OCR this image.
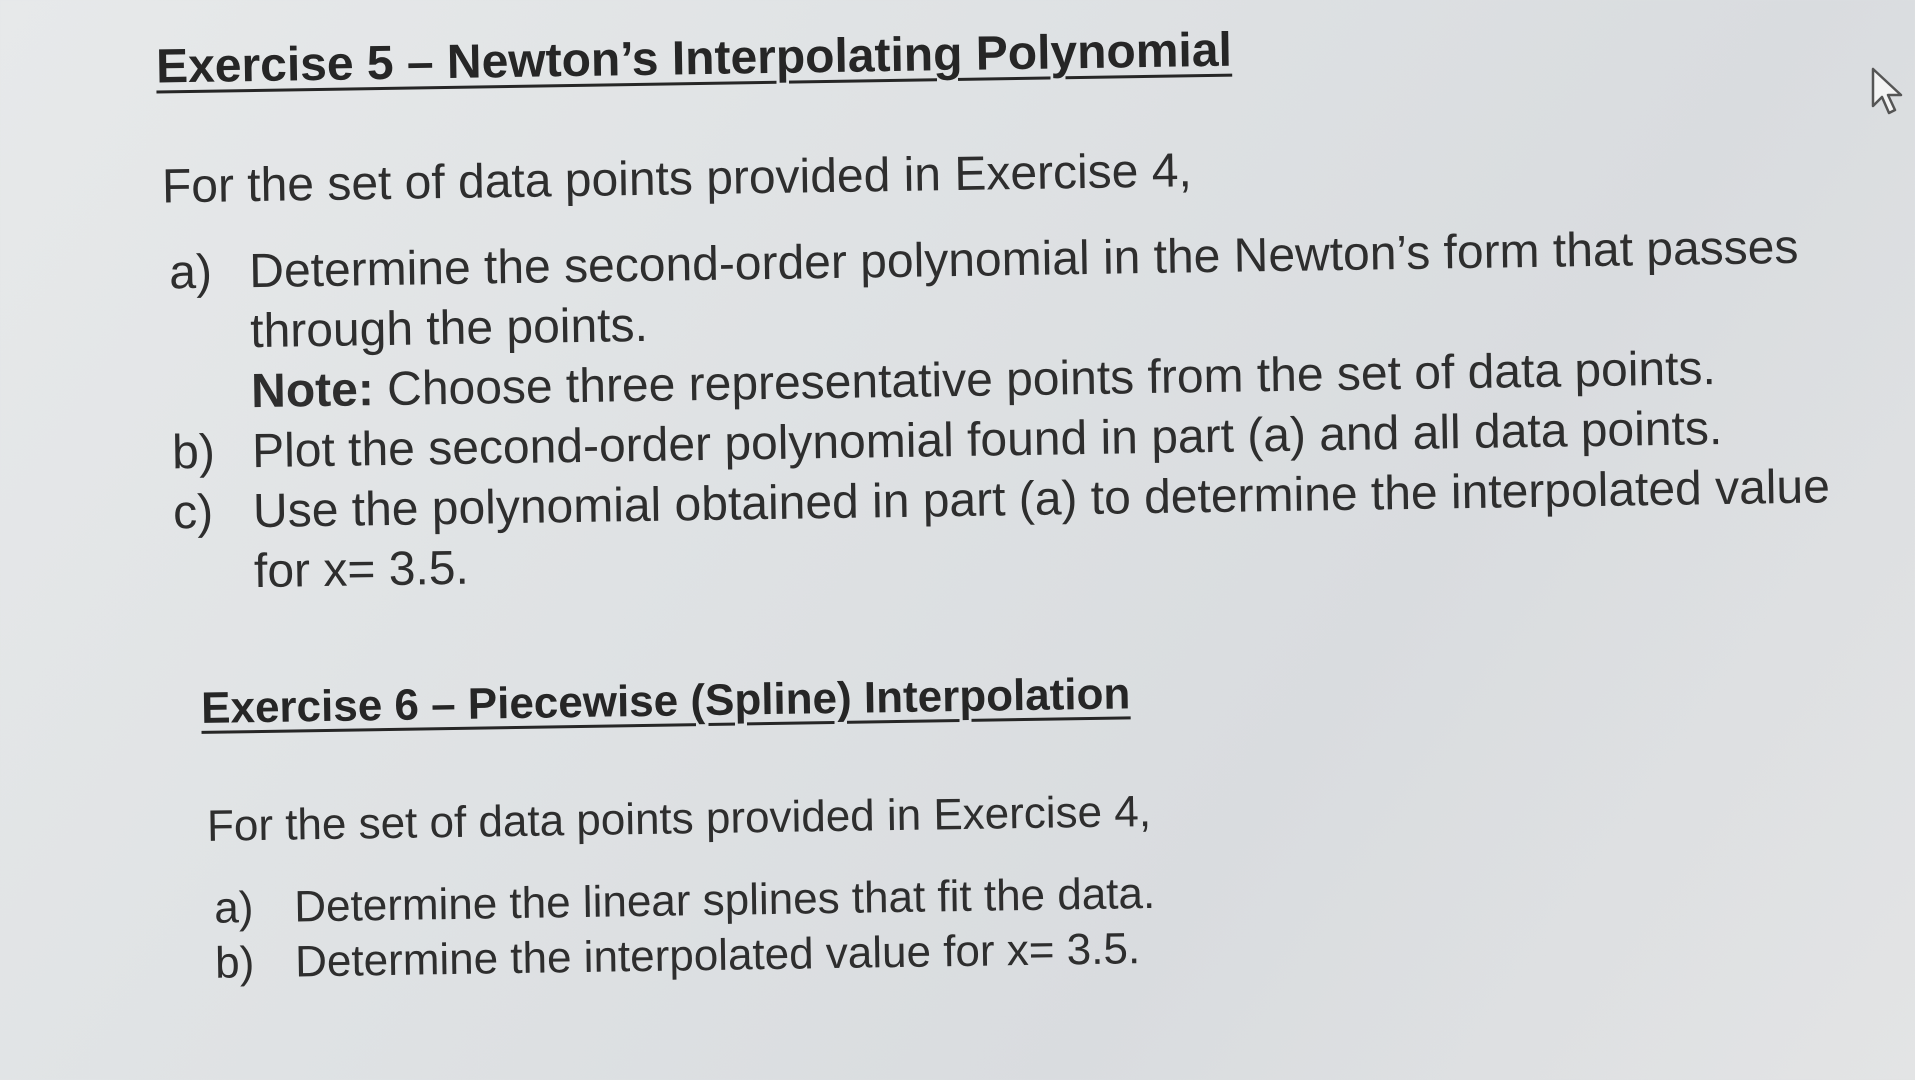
Exercise 5 – Newton’s Interpolating Polynomial

For the set of data points provided in Exercise 4,

a) Determine the second-order polynomial in the Newton’s form that passes through the points.
Note: Choose three representative points from the set of data points.
b) Plot the second-order polynomial found in part (a) and all data points.
c) Use the polynomial obtained in part (a) to determine the interpolated value for x= 3.5.
Exercise 6 – Piecewise (Spline) Interpolation

For the set of data points provided in Exercise 4,

a) Determine the linear splines that fit the data.
b) Determine the interpolated value for x= 3.5.
